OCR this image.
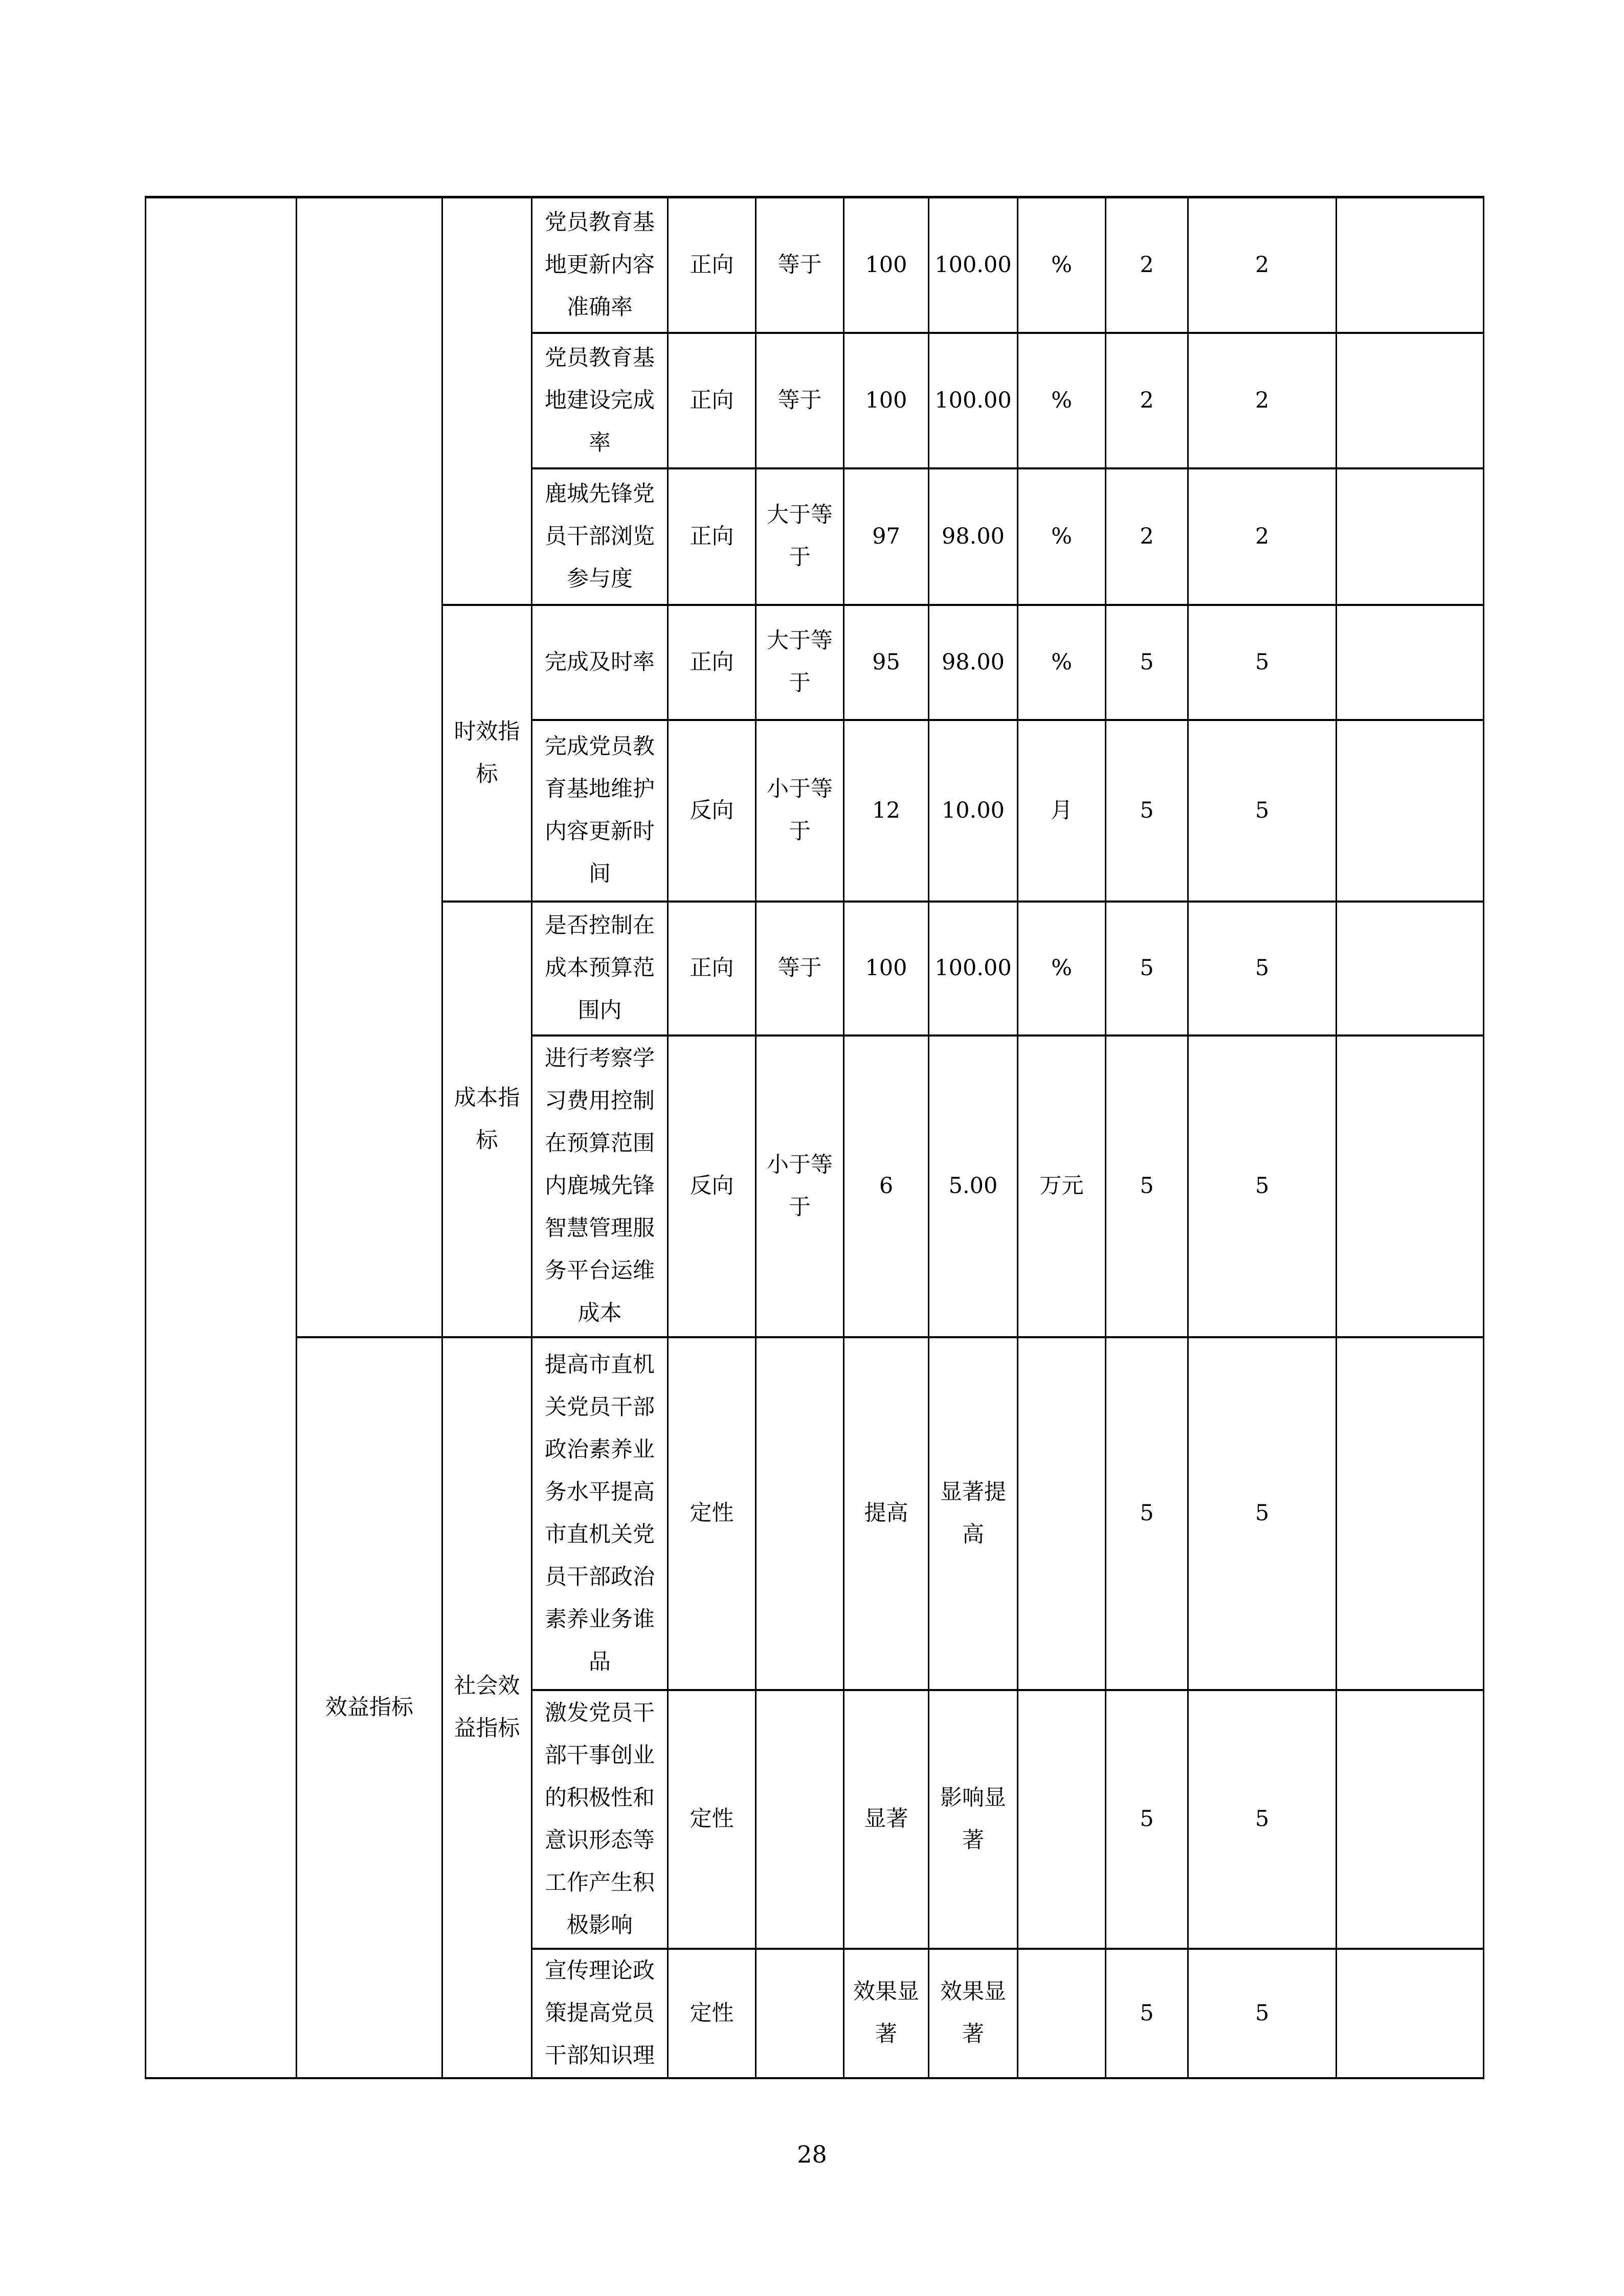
			党员教育基地更新内容准确率	正向	等于	100	100.00	%	2	2	
			党员教育基地建设完成率	正向	等于	100	100.00	%	2	2	
			鹿城先锋党员干部浏览参与度	正向	大于等于	97	98.00	%	2	2	
		时效指标	完成及时率	正向	大于等于	95	98.00	%	5	5	
			完成党员教育基地维护内容更新时间	反向	小于等于	12	10.00	月	5	5	
		成本指标	是否控制在成本预算范围内	正向	等于	100	100.00	%	5	5	
			进行考察学习费用控制在预算范围内鹿城先锋智慧管理服务平台运维成本	反向	小于等于	6	5.00	万元	5	5	
	效益指标	社会效益指标	提高市直机关党员干部政治素养业务水平提高市直机关党员干部政治素养业务谁品	定性		提高	显著提高		5	5	
			激发党员干部干事创业的积极性和意识形态等工作产生积极影响	定性		显著	影响显著		5	5	
			宣传理论政策提高党员干部知识理	定性		效果显著	效果显著		5	5	
28
